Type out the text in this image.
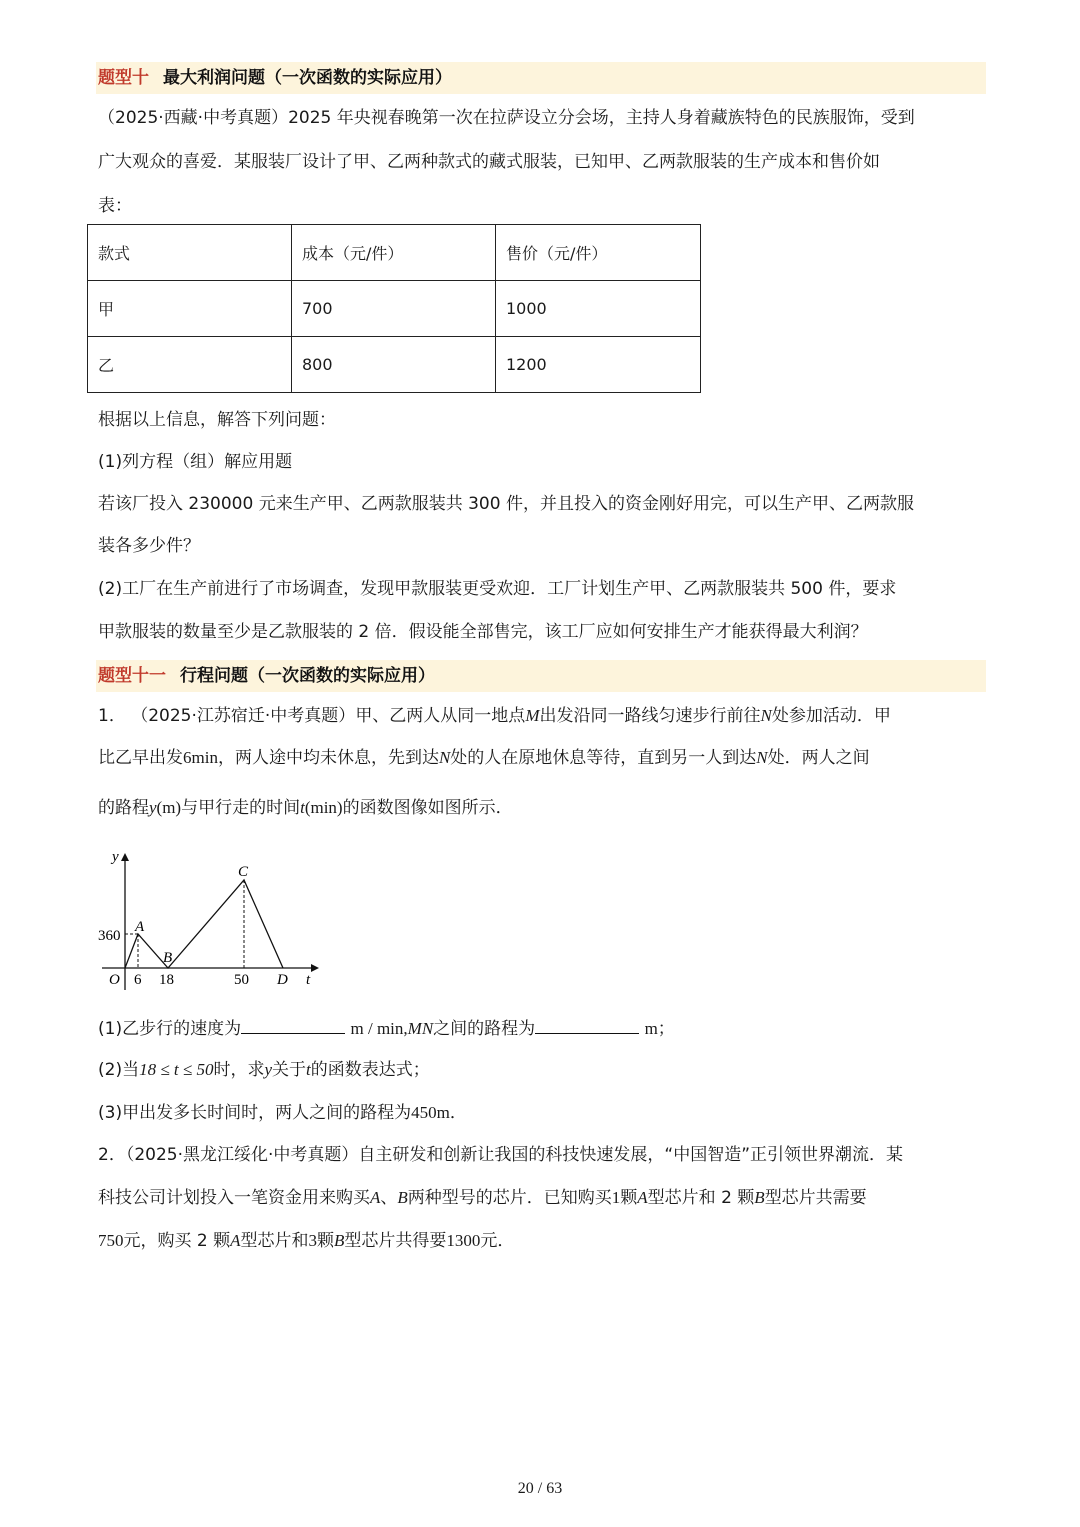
题型十 最大利润问题（一次函数的实际应用）
（2025·西藏·中考真题）2025 年央视春晚第一次在拉萨设立分会场，主持人身着藏族特色的民族服饰，受到
广大观众的喜爱．某服装厂设计了甲、乙两种款式的藏式服装，已知甲、乙两款服装的生产成本和售价如
表：
款式	成本（元/件）	售价（元/件）
甲	700	1000
乙	800	1200
根据以上信息，解答下列问题：
(1)列方程（组）解应用题
若该厂投入 230000 元来生产甲、乙两款服装共 300 件，并且投入的资金刚好用完，可以生产甲、乙两款服
装各多少件？
(2)工厂在生产前进行了市场调查，发现甲款服装更受欢迎．工厂计划生产甲、乙两款服装共 500 件，要求
甲款服装的数量至少是乙款服装的 2 倍．假设能全部售完，该工厂应如何安排生产才能获得最大利润？
题型十一 行程问题（一次函数的实际应用）
1． （2025·江苏宿迁·中考真题）甲、乙两人从同一地点M出发沿同一路线匀速步行前往N处参加活动．甲
比乙早出发6min，两人途中均未休息，先到达N处的人在原地休息等待，直到另一人到达N处．两人之间
的路程y(m)与甲行走的时间t(min)的函数图像如图所示．
y
t
O
360
6 18	50
A
B
C
D
(1)乙步行的速度为	m / min,MN之间的路程为	m；
(2)当18 ≤ t ≤ 50时，求y关于t的函数表达式；
(3)甲出发多长时间时，两人之间的路程为450m．
2．（2025·黑龙江绥化·中考真题）自主研发和创新让我国的科技快速发展，“中国智造”正引领世界潮流．某
科技公司计划投入一笔资金用来购买A、B两种型号的芯片．已知购买1颗A型芯片和 2 颗B型芯片共需要
750元，购买 2 颗A型芯片和3颗B型芯片共得要1300元．
20 / 63
